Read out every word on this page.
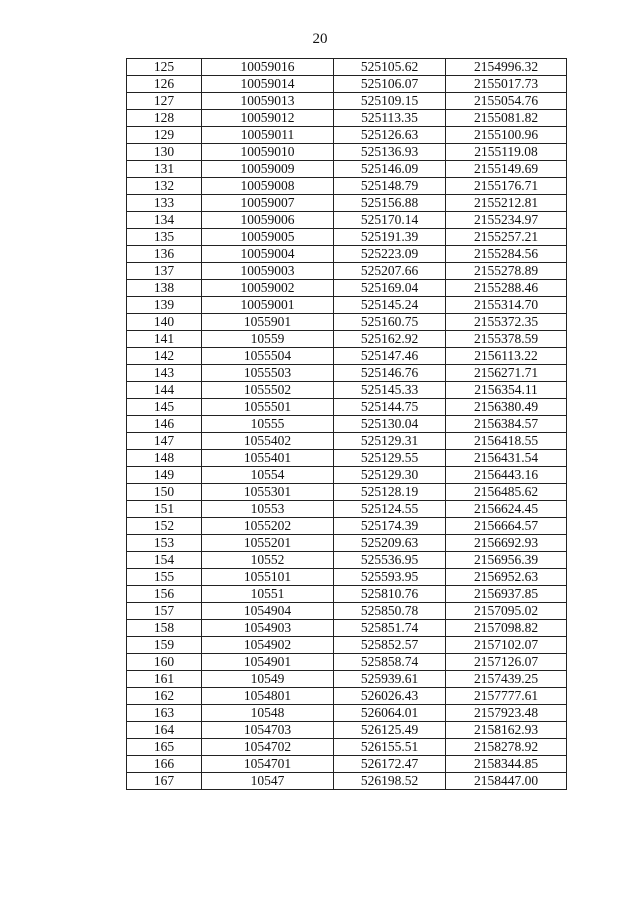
20
125	10059016	525105.62	2154996.32
126	10059014	525106.07	2155017.73
127	10059013	525109.15	2155054.76
128	10059012	525113.35	2155081.82
129	10059011	525126.63	2155100.96
130	10059010	525136.93	2155119.08
131	10059009	525146.09	2155149.69
132	10059008	525148.79	2155176.71
133	10059007	525156.88	2155212.81
134	10059006	525170.14	2155234.97
135	10059005	525191.39	2155257.21
136	10059004	525223.09	2155284.56
137	10059003	525207.66	2155278.89
138	10059002	525169.04	2155288.46
139	10059001	525145.24	2155314.70
140	1055901	525160.75	2155372.35
141	10559	525162.92	2155378.59
142	1055504	525147.46	2156113.22
143	1055503	525146.76	2156271.71
144	1055502	525145.33	2156354.11
145	1055501	525144.75	2156380.49
146	10555	525130.04	2156384.57
147	1055402	525129.31	2156418.55
148	1055401	525129.55	2156431.54
149	10554	525129.30	2156443.16
150	1055301	525128.19	2156485.62
151	10553	525124.55	2156624.45
152	1055202	525174.39	2156664.57
153	1055201	525209.63	2156692.93
154	10552	525536.95	2156956.39
155	1055101	525593.95	2156952.63
156	10551	525810.76	2156937.85
157	1054904	525850.78	2157095.02
158	1054903	525851.74	2157098.82
159	1054902	525852.57	2157102.07
160	1054901	525858.74	2157126.07
161	10549	525939.61	2157439.25
162	1054801	526026.43	2157777.61
163	10548	526064.01	2157923.48
164	1054703	526125.49	2158162.93
165	1054702	526155.51	2158278.92
166	1054701	526172.47	2158344.85
167	10547	526198.52	2158447.00
